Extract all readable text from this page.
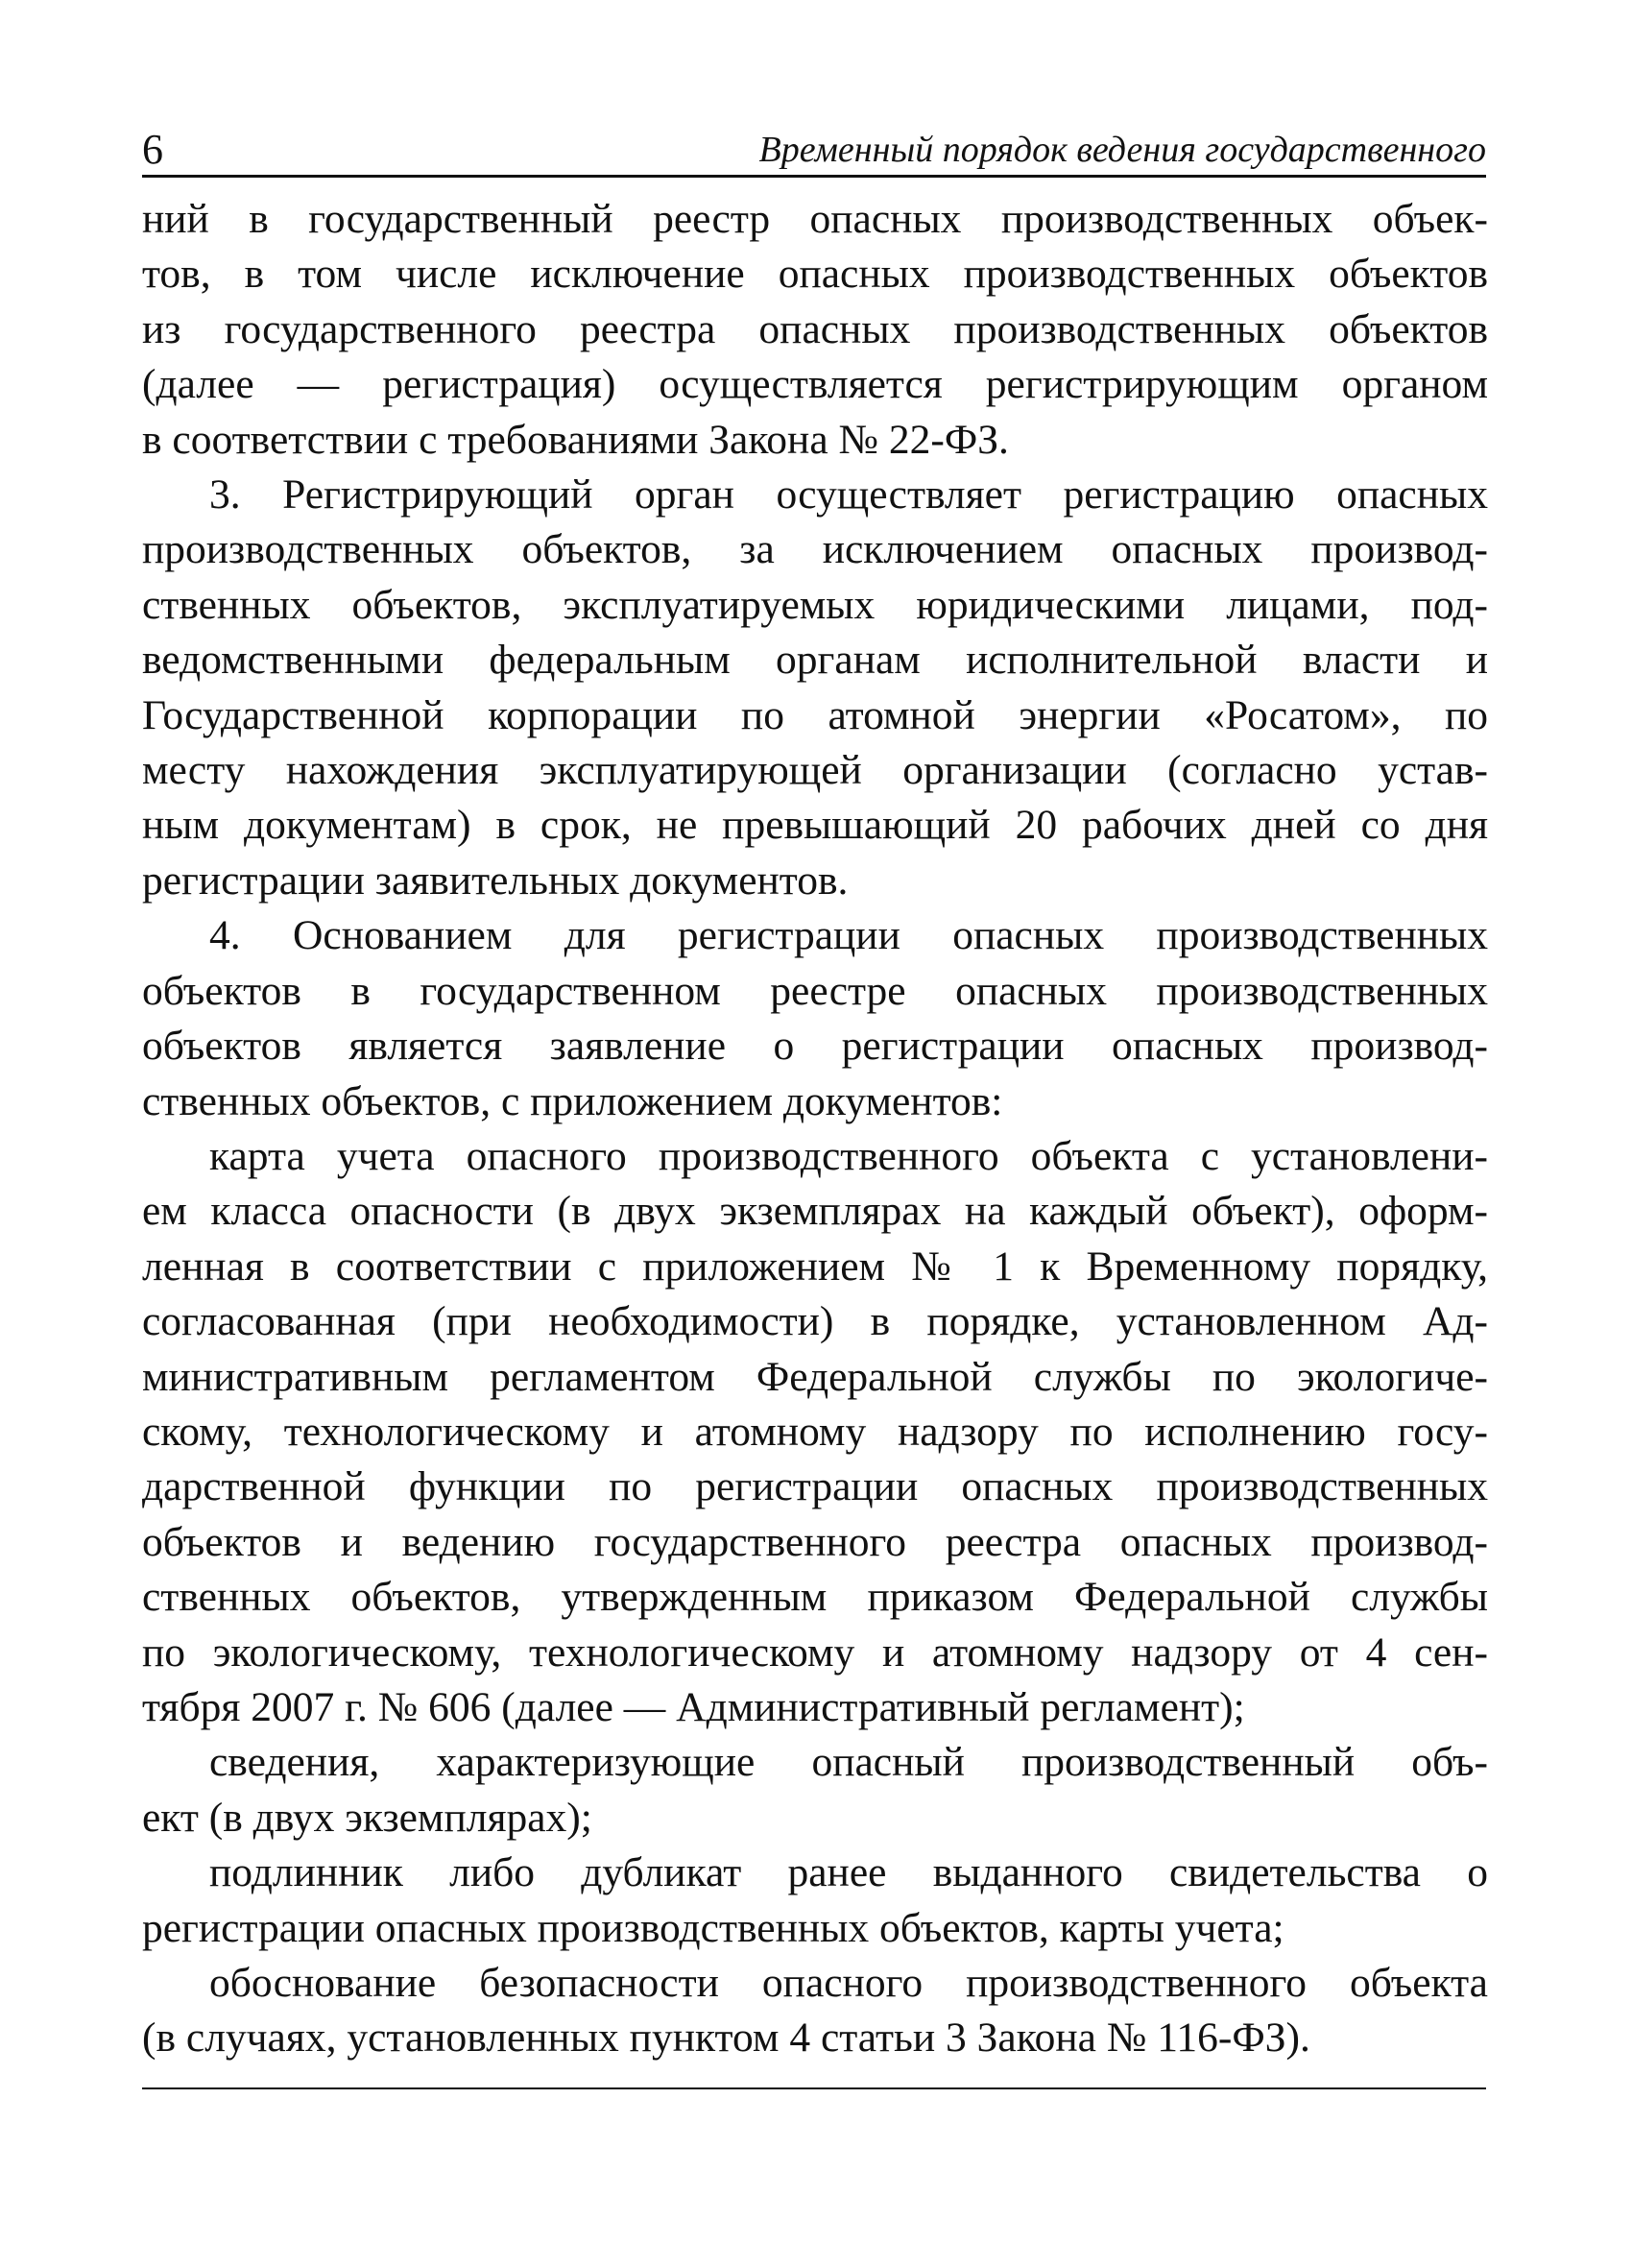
6	Временный порядок ведения государственного
ний в государственный реестр опасных производственных объек-
тов, в том числе исключение опасных производственных объектов
из государственного реестра опасных производственных объектов
(далее — регистрация) осуществляется регистрирующим органом
в соответствии с требованиями Закона № 22-ФЗ.
3. Регистрирующий орган осуществляет регистрацию опасных
производственных объектов, за исключением опасных производ-
ственных объектов, эксплуатируемых юридическими лицами, под-
ведомственными федеральным органам исполнительной власти и
Государственной корпорации по атомной энергии «Росатом», по
месту нахождения эксплуатирующей организации (согласно устав-
ным документам) в срок, не превышающий 20 рабочих дней со дня
регистрации заявительных документов.
4. Основанием для регистрации опасных производственных
объектов в государственном реестре опасных производственных
объектов является заявление о регистрации опасных производ-
ственных объектов, с приложением документов:
карта учета опасного производственного объекта с установлени-
ем класса опасности (в двух экземплярах на каждый объект), оформ-
ленная в соответствии с приложением № 1 к Временному порядку,
согласованная (при необходимости) в порядке, установленном Ад-
министративным регламентом Федеральной службы по экологиче-
скому, технологическому и атомному надзору по исполнению госу-
дарственной функции по регистрации опасных производственных
объектов и ведению государственного реестра опасных производ-
ственных объектов, утвержденным приказом Федеральной службы
по экологическому, технологическому и атомному надзору от 4 сен-
тября 2007 г. № 606 (далее — Административный регламент);
сведения, характеризующие опасный производственный объ-
ект (в двух экземплярах);
подлинник либо дубликат ранее выданного свидетельства о
регистрации опасных производственных объектов, карты учета;
обоснование безопасности опасного производственного объекта
(в случаях, установленных пунктом 4 статьи 3 Закона № 116-ФЗ).
